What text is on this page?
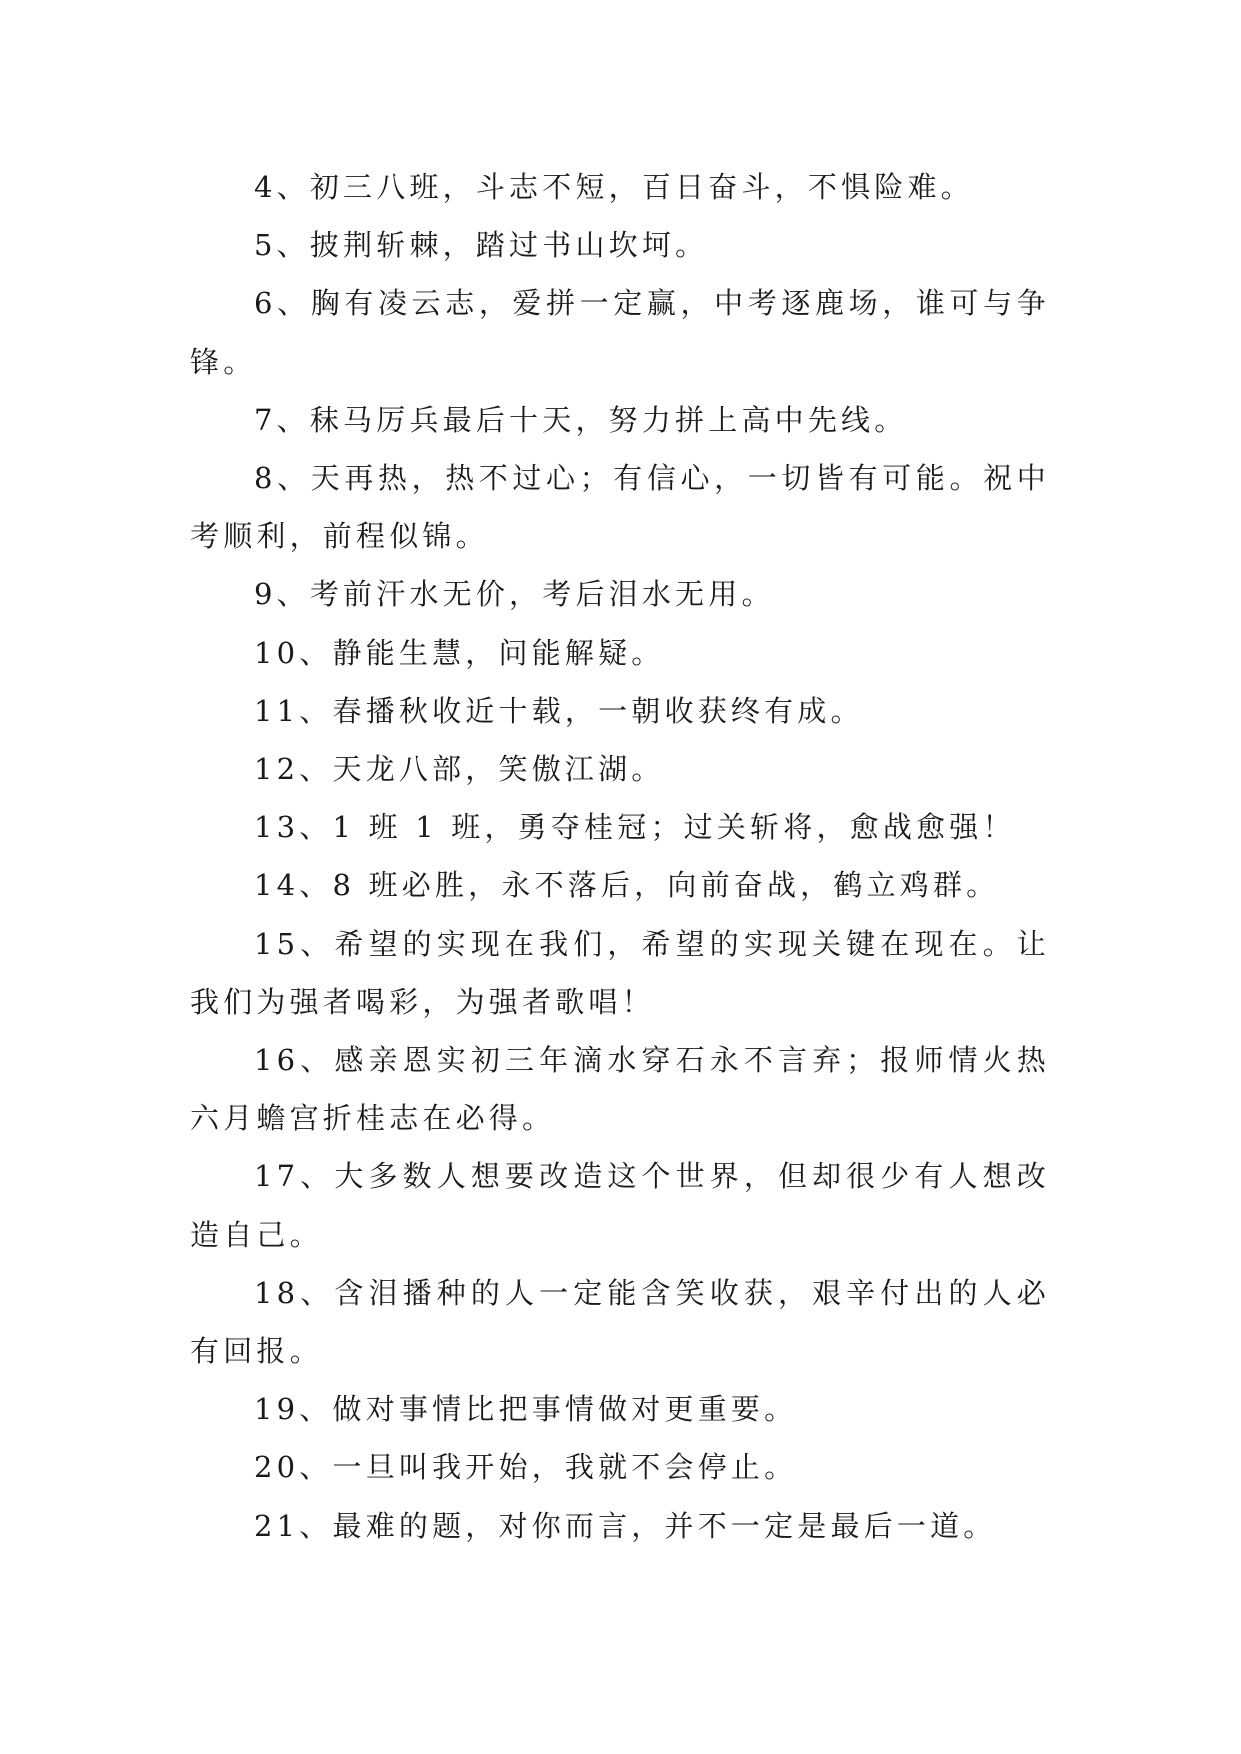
4、初三八班，斗志不短，百日奋斗，不惧险难。

5、披荆斩棘，踏过书山坎坷。

6、胸有凌云志，爱拼一定赢，中考逐鹿场，谁可与争锋。

7、秣马厉兵最后十天，努力拼上高中先线。

8、天再热，热不过心；有信心，一切皆有可能。祝中考顺利，前程似锦。

9、考前汗水无价，考后泪水无用。

10、静能生慧，问能解疑。

11、春播秋收近十载，一朝收获终有成。

12、天龙八部，笑傲江湖。

13、1 班 1 班，勇夺桂冠；过关斩将，愈战愈强！

14、8 班必胜，永不落后，向前奋战，鹤立鸡群。

15、希望的实现在我们，希望的实现关键在现在。让我们为强者喝彩，为强者歌唱！

16、感亲恩实初三年滴水穿石永不言弃；报师情火热六月蟾宫折桂志在必得。

17、大多数人想要改造这个世界，但却很少有人想改造自己。

18、含泪播种的人一定能含笑收获，艰辛付出的人必有回报。

19、做对事情比把事情做对更重要。

20、一旦叫我开始，我就不会停止。

21、最难的题，对你而言，并不一定是最后一道。
